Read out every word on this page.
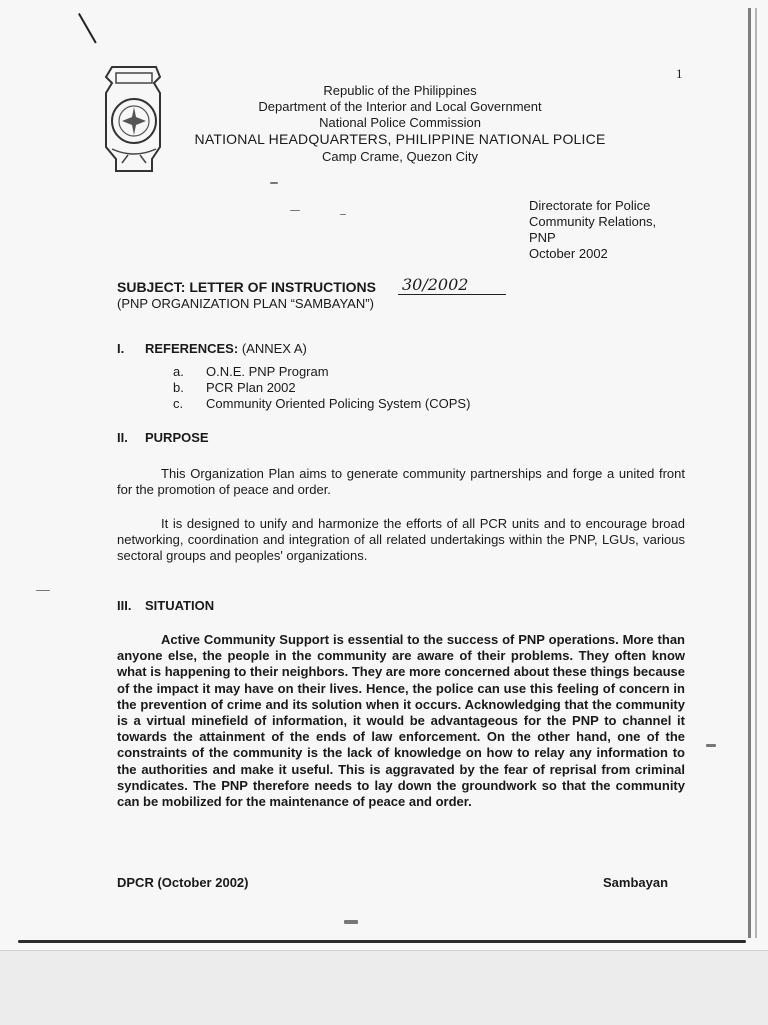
1
Republic of the Philippines
Department of the Interior and Local Government
National Police Commission
NATIONAL HEADQUARTERS, PHILIPPINE NATIONAL POLICE
Camp Crame, Quezon City
Directorate for Police
Community Relations,
PNP
October 2002
SUBJECT: LETTER OF INSTRUCTIONS 30/2002
(PNP ORGANIZATION PLAN “SAMBAYAN”)
I. REFERENCES: (ANNEX A)
a.	O.N.E. PNP Program
b.	PCR Plan 2002
c.	Community Oriented Policing System (COPS)
II. PURPOSE
This Organization Plan aims to generate community partnerships and forge a united front for the promotion of peace and order.
It is designed to unify and harmonize the efforts of all PCR units and to encourage broad networking, coordination and integration of all related undertakings within the PNP, LGUs, various sectoral groups and peoples' organizations.
III. SITUATION
Active Community Support is essential to the success of PNP operations. More than anyone else, the people in the community are aware of their problems. They often know what is happening to their neighbors. They are more concerned about these things because of the impact it may have on their lives. Hence, the police can use this feeling of concern in the prevention of crime and its solution when it occurs. Acknowledging that the community is a virtual minefield of information, it would be advantageous for the PNP to channel it towards the attainment of the ends of law enforcement. On the other hand, one of the constraints of the community is the lack of knowledge on how to relay any information to the authorities and make it useful. This is aggravated by the fear of reprisal from criminal syndicates. The PNP therefore needs to lay down the groundwork so that the community can be mobilized for the maintenance of peace and order.
DPCR (October 2002)	Sambayan
